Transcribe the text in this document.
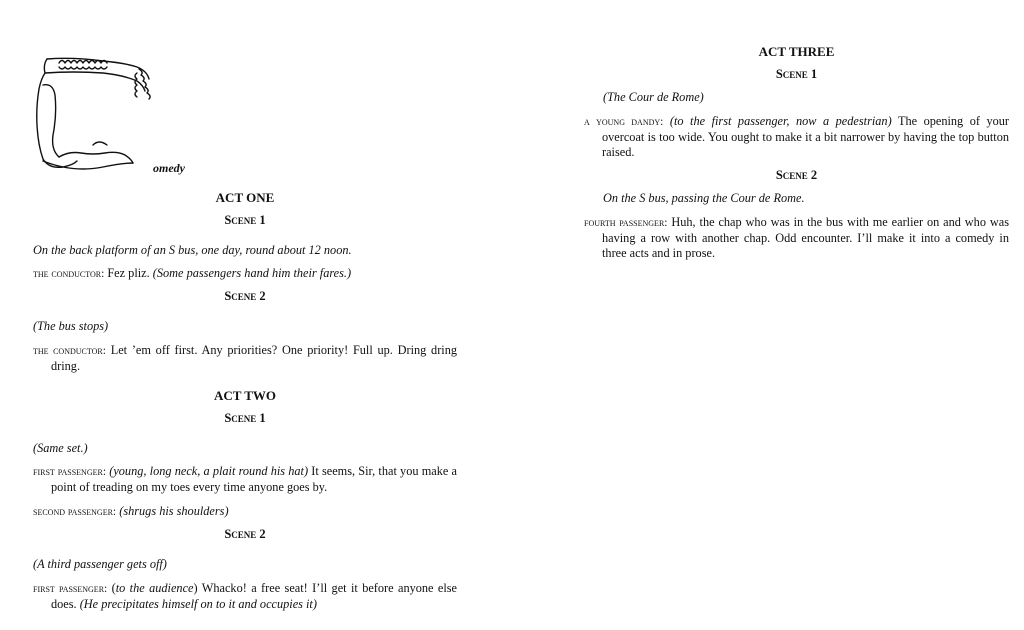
omedy
ACT ONE
Scene 1
On the back platform of an S bus, one day, round about 12 noon.
the conductor: Fez pliz. (Some passengers hand him their fares.)
Scene 2
(The bus stops)
the conductor: Let ’em off first. Any priorities? One priority! Full up. Dring dring dring.
ACT TWO
Scene 1
(Same set.)
first passenger: (young, long neck, a plait round his hat) It seems, Sir, that you make a point of treading on my toes every time anyone goes by.
second passenger: (shrugs his shoulders)
Scene 2
(A third passenger gets off)
first passenger: (to the audience) Whacko! a free seat! I’ll get it before anyone else does. (He precipitates himself on to it and occupies it)
ACT THREE
Scene 1
(The Cour de Rome)
a young dandy: (to the first passenger, now a pedestrian) The opening of your overcoat is too wide. You ought to make it a bit narrower by having the top button raised.
Scene 2
On the S bus, passing the Cour de Rome.
fourth passenger: Huh, the chap who was in the bus with me earlier on and who was having a row with another chap. Odd encounter. I’ll make it into a comedy in three acts and in prose.
